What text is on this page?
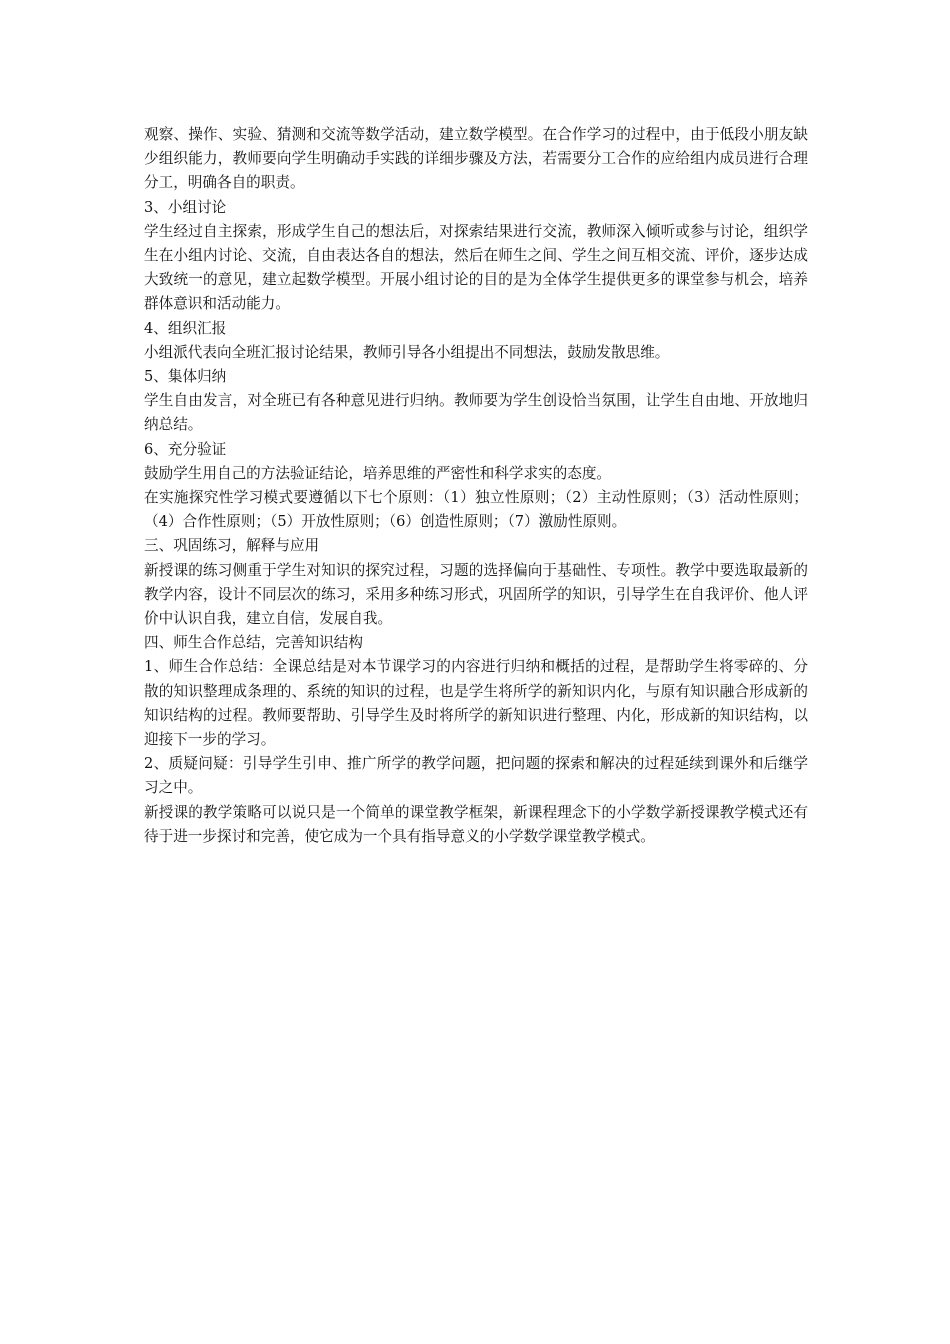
观察、操作、实验、猜测和交流等数学活动，建立数学模型。在合作学习的过程中，由于低段小朋友缺少组织能力，教师要向学生明确动手实践的详细步骤及方法，若需要分工合作的应给组内成员进行合理分工，明确各自的职责。

3、小组讨论

学生经过自主探索，形成学生自己的想法后，对探索结果进行交流，教师深入倾听或参与讨论，组织学生在小组内讨论、交流，自由表达各自的想法，然后在师生之间、学生之间互相交流、评价，逐步达成大致统一的意见，建立起数学模型。开展小组讨论的目的是为全体学生提供更多的课堂参与机会，培养群体意识和活动能力。

4、组织汇报

小组派代表向全班汇报讨论结果，教师引导各小组提出不同想法，鼓励发散思维。

5、集体归纳

学生自由发言，对全班已有各种意见进行归纳。教师要为学生创设恰当氛围，让学生自由地、开放地归纳总结。

6、充分验证

鼓励学生用自己的方法验证结论，培养思维的严密性和科学求实的态度。

在实施探究性学习模式要遵循以下七个原则：（1）独立性原则；（2）主动性原则；（3）活动性原则；（4）合作性原则；（5）开放性原则；（6）创造性原则；（7）激励性原则。

三、巩固练习，解释与应用

新授课的练习侧重于学生对知识的探究过程，习题的选择偏向于基础性、专项性。教学中要选取最新的教学内容，设计不同层次的练习，采用多种练习形式，巩固所学的知识，引导学生在自我评价、他人评价中认识自我，建立自信，发展自我。

四、师生合作总结，完善知识结构

1、师生合作总结：全课总结是对本节课学习的内容进行归纳和概括的过程，是帮助学生将零碎的、分散的知识整理成条理的、系统的知识的过程，也是学生将所学的新知识内化，与原有知识融合形成新的知识结构的过程。教师要帮助、引导学生及时将所学的新知识进行整理、内化，形成新的知识结构，以迎接下一步的学习。

2、质疑问疑：引导学生引申、推广所学的教学问题，把问题的探索和解决的过程延续到课外和后继学习之中。

新授课的教学策略可以说只是一个简单的课堂教学框架，新课程理念下的小学数学新授课教学模式还有待于进一步探讨和完善，使它成为一个具有指导意义的小学数学课堂教学模式。
